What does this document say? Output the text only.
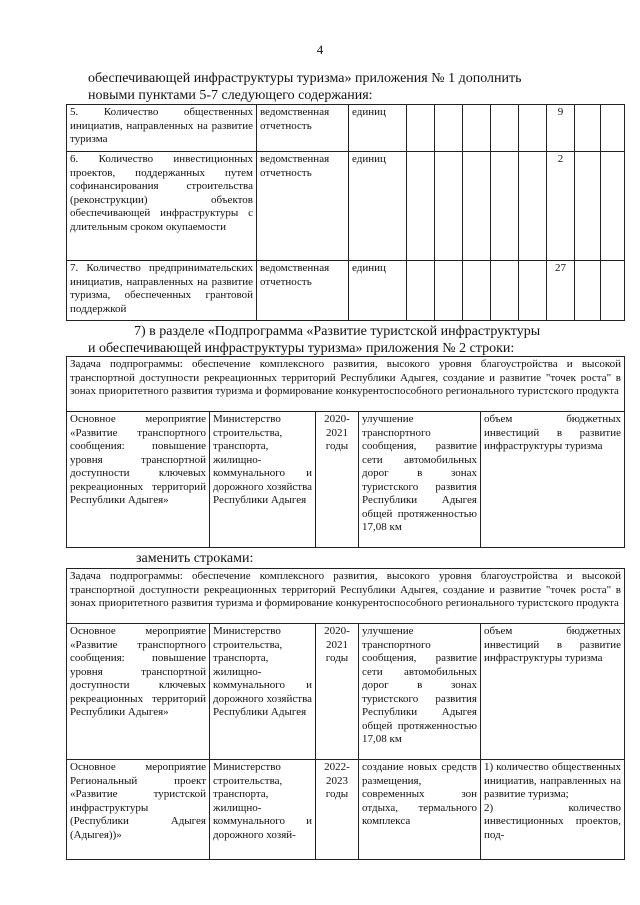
4
обеспечивающей инфраструктуры туризма» приложения № 1 дополнить
новыми пунктами 5-7 следующего содержания:
5. Количество общественных инициатив, направленных на развитие туризма	ведомственная отчетность	единиц						9		
6. Количество инвестиционных проектов, поддержанных путем софинансирования строительства (реконструкции) объектов обеспечивающей инфраструктуры с длительным сроком окупаемости	ведомственная отчетность	единиц						2		
7. Количество предпринимательских инициатив, направленных на развитие туризма, обеспеченных грантовой поддержкой	ведомственная отчетность	единиц						27		
7) в разделе «Подпрограмма «Развитие туристской инфраструктуры
и обеспечивающей инфраструктуры туризма» приложения № 2 строки:
Задача подпрограммы: обеспечение комплексного развития, высокого уровня благоустройства и высокой транспортной доступности рекреационных территорий Республики Адыгея, создание и развитие "точек роста" в зонах приоритетного развития туризма и формирование конкурентоспособного регионального туристского продукта
Основное мероприятие «Развитие транспортного сообщения: повышение уровня транспортной доступности ключевых рекреационных территорий Республики Адыгея»	Министерство строительства, транспорта, жилищно-коммунального и дорожного хозяйства Республики Адыгея	2020-2021 годы	улучшение транспортного сообщения, развитие сети автомобильных дорог в зонах туристского развития Республики Адыгея общей протяженностью 17,08 км	объем бюджетных инвестиций в развитие инфраструктуры туризма
заменить строками:
Задача подпрограммы: обеспечение комплексного развития, высокого уровня благоустройства и высокой транспортной доступности рекреационных территорий Республики Адыгея, создание и развитие "точек роста" в зонах приоритетного развития туризма и формирование конкурентоспособного регионального туристского продукта				
Основное мероприятие «Развитие транспортного сообщения: повышение уровня транспортной доступности ключевых рекреационных территорий Республики Адыгея»	Министерство строительства, транспорта, жилищно-коммунального и дорожного хозяйства Республики Адыгея	2020-2021 годы	улучшение транспортного сообщения, развитие сети автомобильных дорог в зонах туристского развития Республики Адыгея общей протяженностью 17,08 км	объем бюджетных инвестиций в развитие инфраструктуры туризма
Основное мероприятие Региональный проект «Развитие туристской инфраструктуры (Республики Адыгея (Адыгея))»	Министерство строительства, транспорта, жилищно-коммунального и дорожного хозяй-	2022-2023 годы	создание новых средств размещения, современных зон отдыха, термального комплекса	1) количество общественных инициатив, направленных на развитие туризма;
2) количество инвестиционных проектов, под-
